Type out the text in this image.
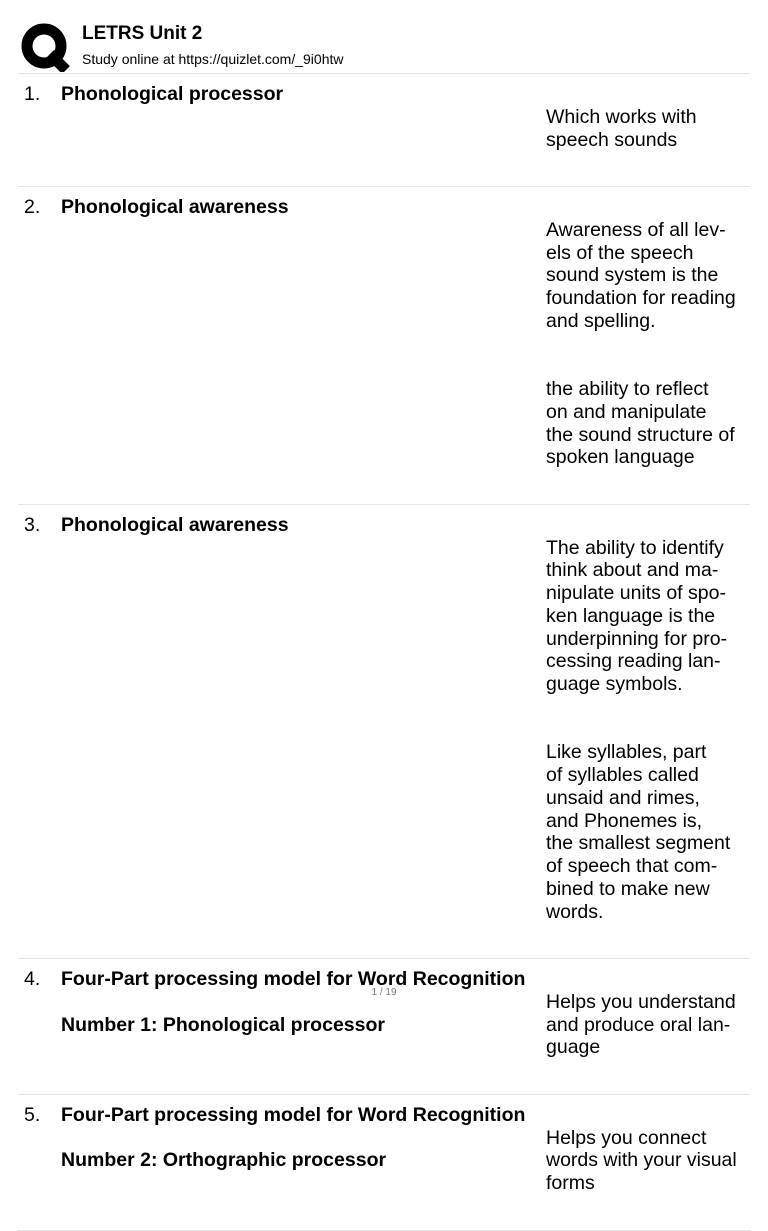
LETRS Unit 2
Study online at https://quizlet.com/_9i0htw
1.	Phonological processor

Which works with
speech sounds

2.	Phonological awareness

Awareness of all lev-
els of the speech
sound system is the
foundation for reading
and spelling.

the ability to reflect
on and manipulate
the sound structure of
spoken language

3.	Phonological awareness

The ability to identify
think about and ma-
nipulate units of spo-
ken language is the
underpinning for pro-
cessing reading lan-
guage symbols.

Like syllables, part
of syllables called
unsaid and rimes,
and Phonemes is,
the smallest segment
of speech that com-
bined to make new
words.

4.	Four-Part processing model for Word Recognition
Number 1: Phonological processor

Helps you understand
and produce oral lan-
guage

5.	Four-Part processing model for Word Recognition
Number 2: Orthographic processor

Helps you connect
words with your visual
forms

1 / 19
